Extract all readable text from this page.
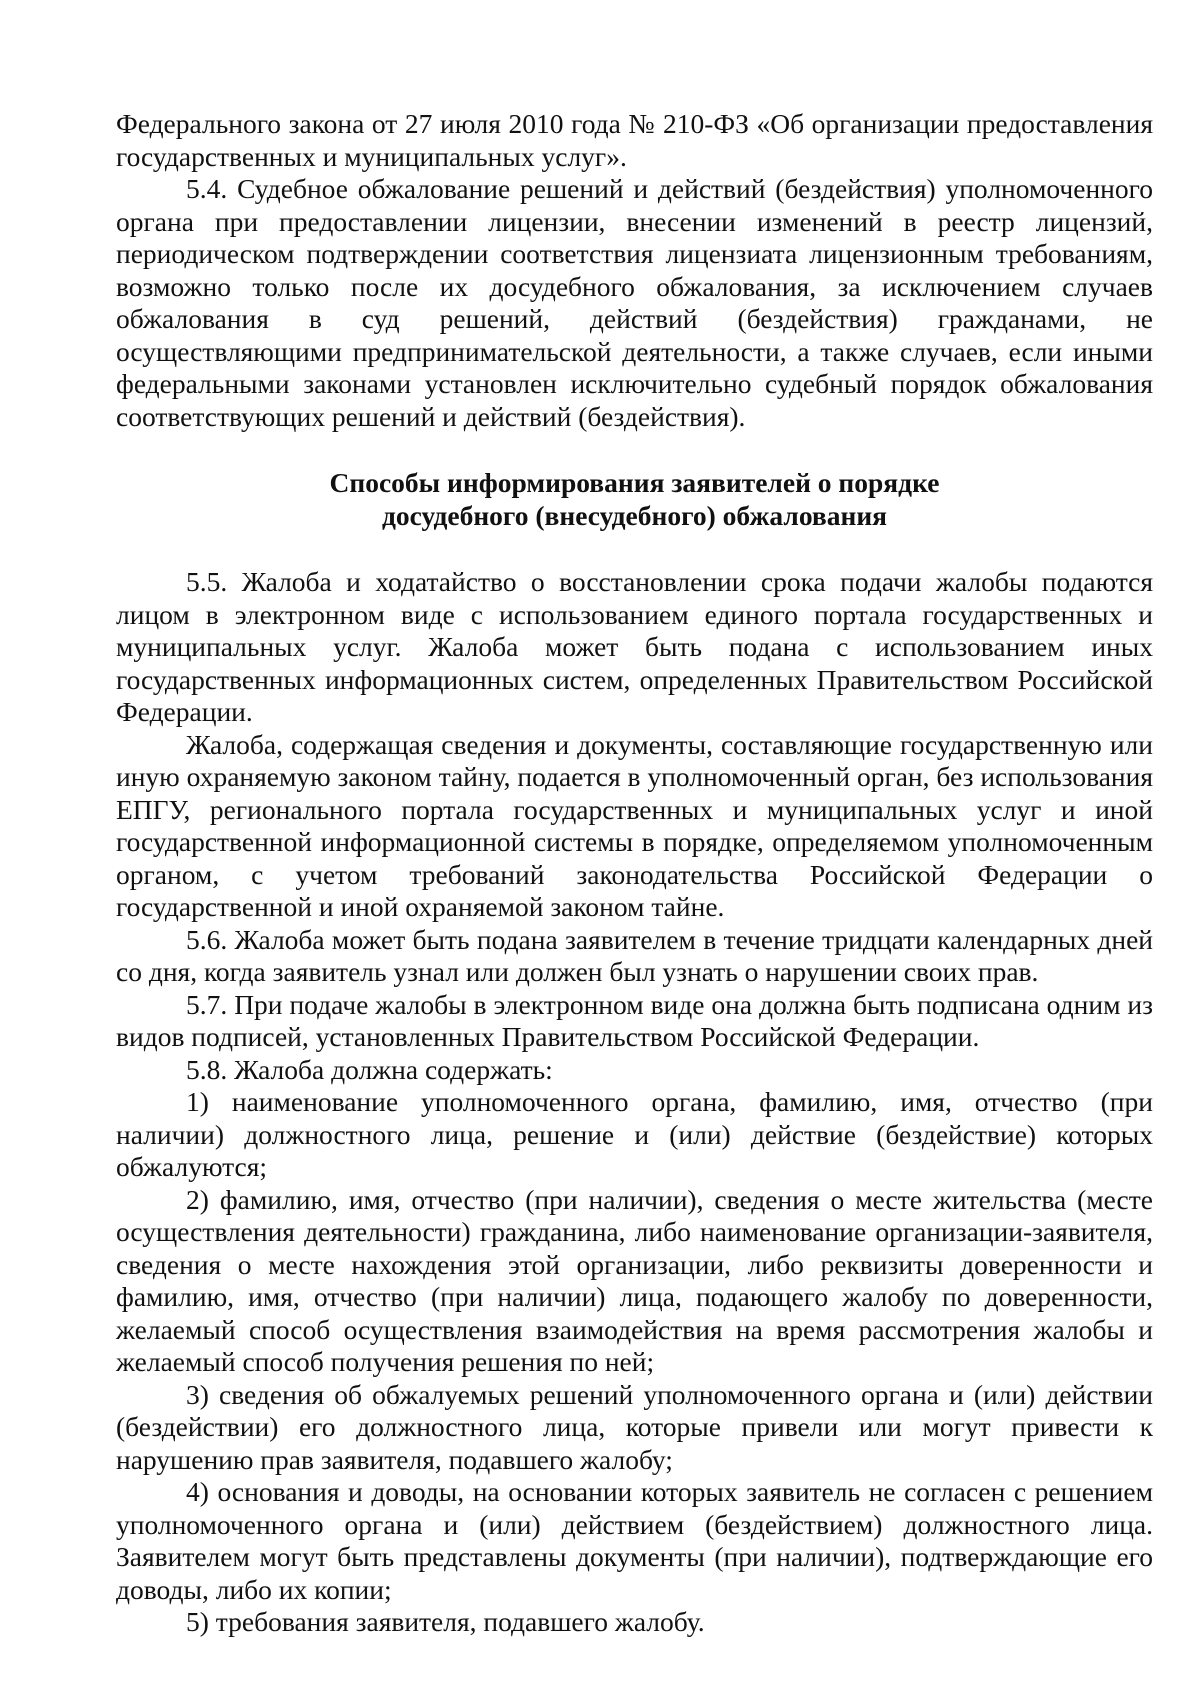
Федерального закона от 27 июля 2010 года № 210-ФЗ «Об организации предоставления государственных и муниципальных услуг».

5.4. Судебное обжалование решений и действий (бездействия) уполномоченного органа при предоставлении лицензии, внесении изменений в реестр лицензий, периодическом подтверждении соответствия лицензиата лицензионным требованиям, возможно только после их досудебного обжалования, за исключением случаев обжалования в суд решений, действий (бездействия) гражданами, не осуществляющими предпринимательской деятельности, а также случаев, если иными федеральными законами установлен исключительно судебный порядок обжалования соответствующих решений и действий (бездействия).

Способы информирования заявителей о порядке
досудебного (внесудебного) обжалования

5.5. Жалоба и ходатайство о восстановлении срока подачи жалобы подаются лицом в электронном виде с использованием единого портала государственных и муниципальных услуг. Жалоба может быть подана с использованием иных государственных информационных систем, определенных Правительством Российской Федерации.

Жалоба, содержащая сведения и документы, составляющие государственную или иную охраняемую законом тайну, подается в уполномоченный орган, без использования ЕПГУ, регионального портала государственных и муниципальных услуг и иной государственной информационной системы в порядке, определяемом уполномоченным органом, с учетом требований законодательства Российской Федерации о государственной и иной охраняемой законом тайне.

5.6. Жалоба может быть подана заявителем в течение тридцати календарных дней со дня, когда заявитель узнал или должен был узнать о нарушении своих прав.

5.7. При подаче жалобы в электронном виде она должна быть подписана одним из видов подписей, установленных Правительством Российской Федерации.

5.8. Жалоба должна содержать:

1) наименование уполномоченного органа, фамилию, имя, отчество (при наличии) должностного лица, решение и (или) действие (бездействие) которых обжалуются;

2) фамилию, имя, отчество (при наличии), сведения о месте жительства (месте осуществления деятельности) гражданина, либо наименование организации-заявителя, сведения о месте нахождения этой организации, либо реквизиты доверенности и фамилию, имя, отчество (при наличии) лица, подающего жалобу по доверенности, желаемый способ осуществления взаимодействия на время рассмотрения жалобы и желаемый способ получения решения по ней;

3) сведения об обжалуемых решений уполномоченного органа и (или) действии (бездействии) его должностного лица, которые привели или могут привести к нарушению прав заявителя, подавшего жалобу;

4) основания и доводы, на основании которых заявитель не согласен с решением уполномоченного органа и (или) действием (бездействием) должностного лица. Заявителем могут быть представлены документы (при наличии), подтверждающие его доводы, либо их копии;

5) требования заявителя, подавшего жалобу.
